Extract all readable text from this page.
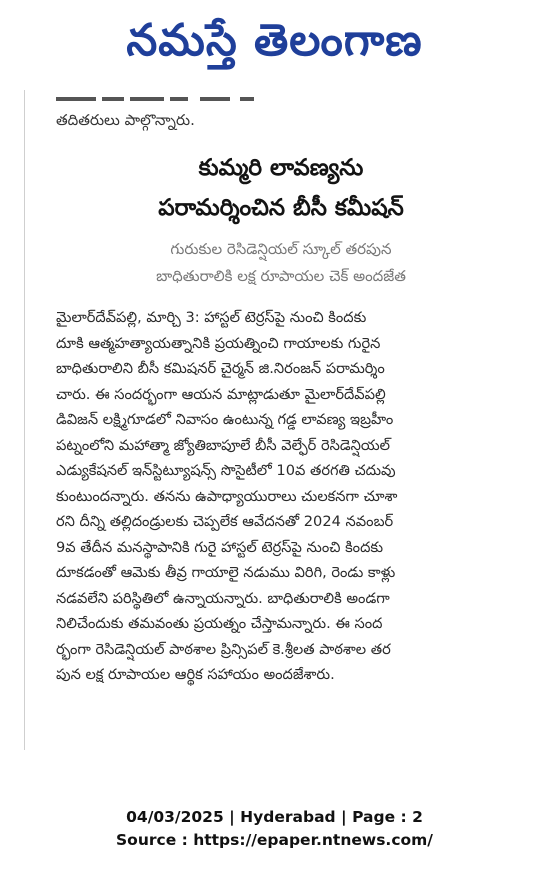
నమస్తే తెలంగాణ
తదితరులు పాల్గొన్నారు.
కుమ్మరి లావణ్యను
పరామర్శించిన బీసీ కమీషన్
గురుకుల రెసిడెన్షియల్ స్కూల్ తరపున
బాధితురాలికి లక్ష రూపాయల చెక్ అందజేత
మైలార్‌దేవ్‌పల్లి, మార్చి 3: హాస్టల్ టెర్రస్‌పై నుంచి కిందకు
దూకి ఆత్మహత్యాయత్నానికి ప్రయత్నించి గాయాలకు గురైన
బాధితురాలిని బీసీ కమిషనర్ చైర్మన్ జి.నిరంజన్ పరామర్శిం
చారు. ఈ సందర్భంగా ఆయన మాట్లాడుతూ మైలార్‌దేవ్‌పల్లి
డివిజన్ లక్ష్మిగూడలో నివాసం ఉంటున్న గడ్డ లావణ్య ఇబ్రహీం
పట్నంలోని మహాత్మా జ్యోతిబాపూలే బీసీ వెల్ఫేర్ రెసిడెన్షియల్
ఎడ్యుకేషనల్ ఇన్‌స్టిట్యూషన్స్ సొసైటీలో 10వ తరగతి చదువు
కుంటుందన్నారు. తనను ఉపాధ్యాయురాలు చులకనగా చూశా
రని దీన్ని తల్లిదండ్రులకు చెప్పలేక ఆవేదనతో 2024 నవంబర్
9వ తేదీన మనస్థాపానికి గురై హాస్టల్ టెర్రస్‌పై నుంచి కిందకు
దూకడంతో ఆమెకు తీవ్ర గాయాలై నడుము విరిగి, రెండు కాళ్లు
నడవలేని పరిస్థితిలో ఉన్నాయన్నారు. బాధితురాలికి అండగా
నిలిచేందుకు తమవంతు ప్రయత్నం చేస్తామన్నారు. ఈ సంద
ర్భంగా రెసిడెన్షియల్ పాఠశాల ప్రిన్సిపల్ కె.శ్రీలత పాఠశాల తర
పున లక్ష రూపాయల ఆర్థిక సహాయం అందజేశారు.
04/03/2025 | Hyderabad | Page : 2
Source : https://epaper.ntnews.com/
